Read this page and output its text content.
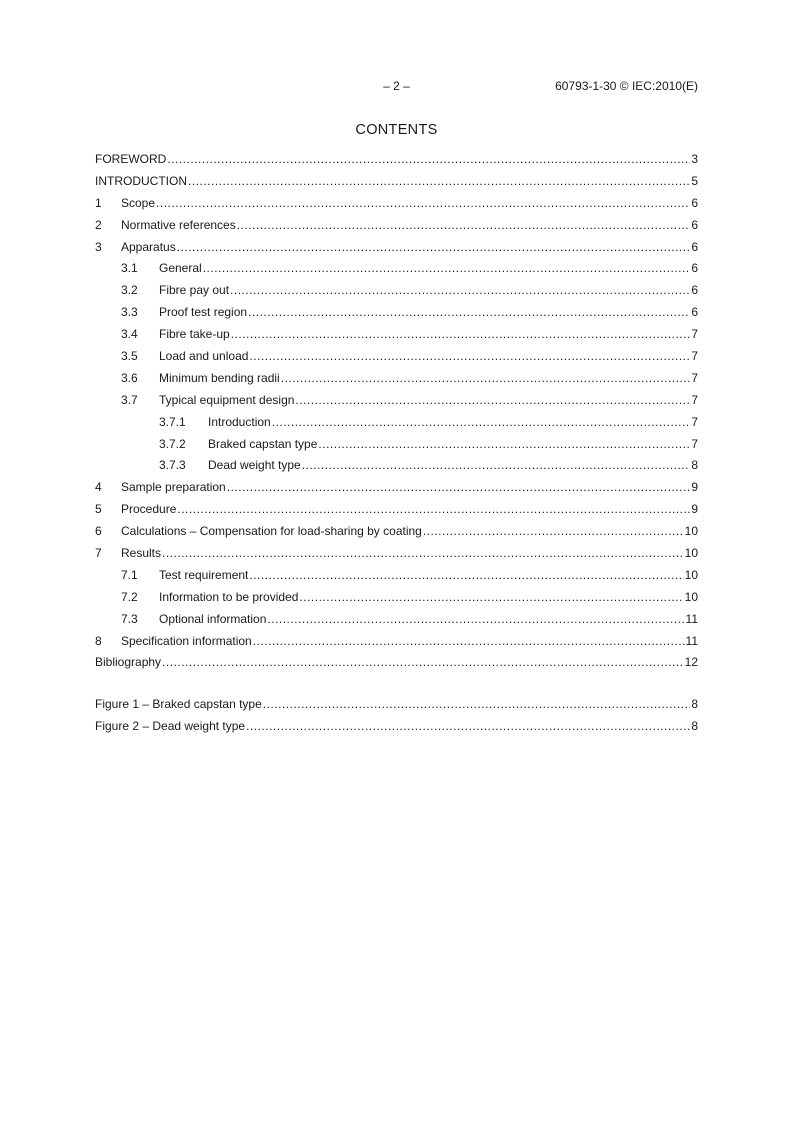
– 2 –	60793-1-30 © IEC:2010(E)
CONTENTS
FOREWORD .....	3
INTRODUCTION .....	5
1	Scope .....	6
2	Normative references .....	6
3	Apparatus .....	6
3.1	General .....	6
3.2	Fibre pay out .....	6
3.3	Proof test region .....	6
3.4	Fibre take-up .....	7
3.5	Load and unload .....	7
3.6	Minimum bending radii .....	7
3.7	Typical equipment design .....	7
3.7.1	Introduction .....	7
3.7.2	Braked capstan type .....	7
3.7.3	Dead weight type .....	8
4	Sample preparation .....	9
5	Procedure .....	9
6	Calculations – Compensation for load-sharing by coating .....	10
7	Results .....	10
7.1	Test requirement .....	10
7.2	Information to be provided .....	10
7.3	Optional information .....	11
8	Specification information .....	11
Bibliography .....	12
Figure 1 – Braked capstan type .....	8
Figure 2 – Dead weight type .....	8
